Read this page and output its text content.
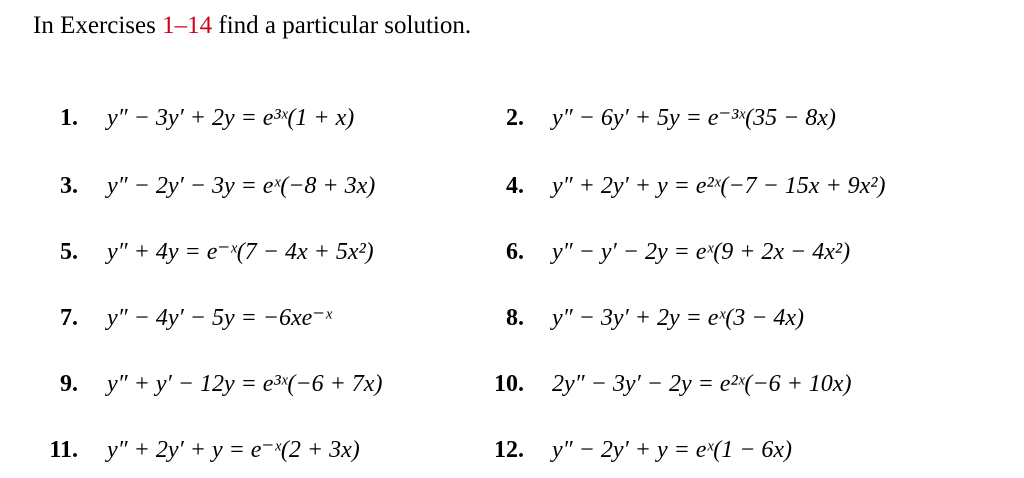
In Exercises 1–14 find a particular solution.
1. y″ − 3y′ + 2y = e³ˣ(1 + x)	2. y″ − 6y′ + 5y = e⁻³ˣ(35 − 8x)
3. y″ − 2y′ − 3y = eˣ(−8 + 3x)	4. y″ + 2y′ + y = e²ˣ(−7 − 15x + 9x²)
5. y″ + 4y = e⁻ˣ(7 − 4x + 5x²)	6. y″ − y′ − 2y = eˣ(9 + 2x − 4x²)
7. y″ − 4y′ − 5y = −6xe⁻ˣ	8. y″ − 3y′ + 2y = eˣ(3 − 4x)
9. y″ + y′ − 12y = e³ˣ(−6 + 7x)	10. 2y″ − 3y′ − 2y = e²ˣ(−6 + 10x)
11. y″ + 2y′ + y = e⁻ˣ(2 + 3x)	12. y″ − 2y′ + y = eˣ(1 − 6x)
